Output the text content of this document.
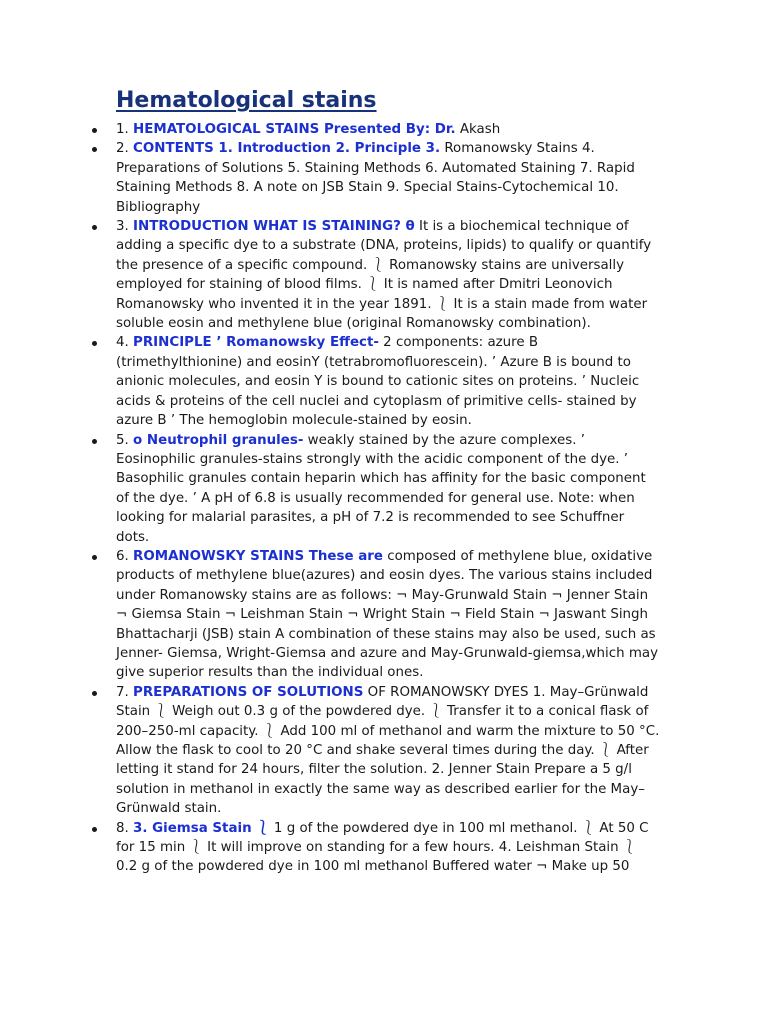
Hematological stains
1. HEMATOLOGICAL STAINS Presented By: Dr. Akash
2. CONTENTS 1. Introduction 2. Principle 3. Romanowsky Stains 4. Preparations of Solutions 5. Staining Methods 6. Automated Staining 7. Rapid Staining Methods 8. A note on JSB Stain 9. Special Stains-Cytochemical 10. Bibliography
3. INTRODUCTION WHAT IS STAINING? θ It is a biochemical technique of adding a specific dye to a substrate (DNA, proteins, lipids) to qualify or quantify the presence of a specific compound. ⎱ Romanowsky stains are universally employed for staining of blood films. ⎱ It is named after Dmitri Leonovich Romanowsky who invented it in the year 1891. ⎱ It is a stain made from water soluble eosin and methylene blue (original Romanowsky combination).
4. PRINCIPLE ’ Romanowsky Effect- 2 components: azure B (trimethylthionine) and eosinY (tetrabromofluorescein). ’ Azure B is bound to anionic molecules, and eosin Y is bound to cationic sites on proteins. ’ Nucleic acids & proteins of the cell nuclei and cytoplasm of primitive cells- stained by azure B ’ The hemoglobin molecule-stained by eosin.
5. o Neutrophil granules- weakly stained by the azure complexes. ’ Eosinophilic granules-stains strongly with the acidic component of the dye. ’ Basophilic granules contain heparin which has affinity for the basic component of the dye. ’ A pH of 6.8 is usually recommended for general use. Note: when looking for malarial parasites, a pH of 7.2 is recommended to see Schuffner dots.
6. ROMANOWSKY STAINS These are composed of methylene blue, oxidative products of methylene blue(azures) and eosin dyes. The various stains included under Romanowsky stains are as follows: ¬ May-Grunwald Stain ¬ Jenner Stain ¬ Giemsa Stain ¬ Leishman Stain ¬ Wright Stain ¬ Field Stain ¬ Jaswant Singh Bhattacharji (JSB) stain A combination of these stains may also be used, such as Jenner- Giemsa, Wright-Giemsa and azure and May-Grunwald-giemsa,which may give superior results than the individual ones.
7. PREPARATIONS OF SOLUTIONS OF ROMANOWSKY DYES 1. May–Grünwald Stain ⎱ Weigh out 0.3 g of the powdered dye. ⎱ Transfer it to a conical flask of 200–250-ml capacity. ⎱ Add 100 ml of methanol and warm the mixture to 50 °C. Allow the flask to cool to 20 °C and shake several times during the day. ⎱ After letting it stand for 24 hours, filter the solution. 2. Jenner Stain Prepare a 5 g/l solution in methanol in exactly the same way as described earlier for the May–Grünwald stain.
8. 3. Giemsa Stain ⎱ 1 g of the powdered dye in 100 ml methanol. ⎱ At 50 C for 15 min ⎱ It will improve on standing for a few hours. 4. Leishman Stain ⎱ 0.2 g of the powdered dye in 100 ml methanol Buffered water ¬ Make up 50
